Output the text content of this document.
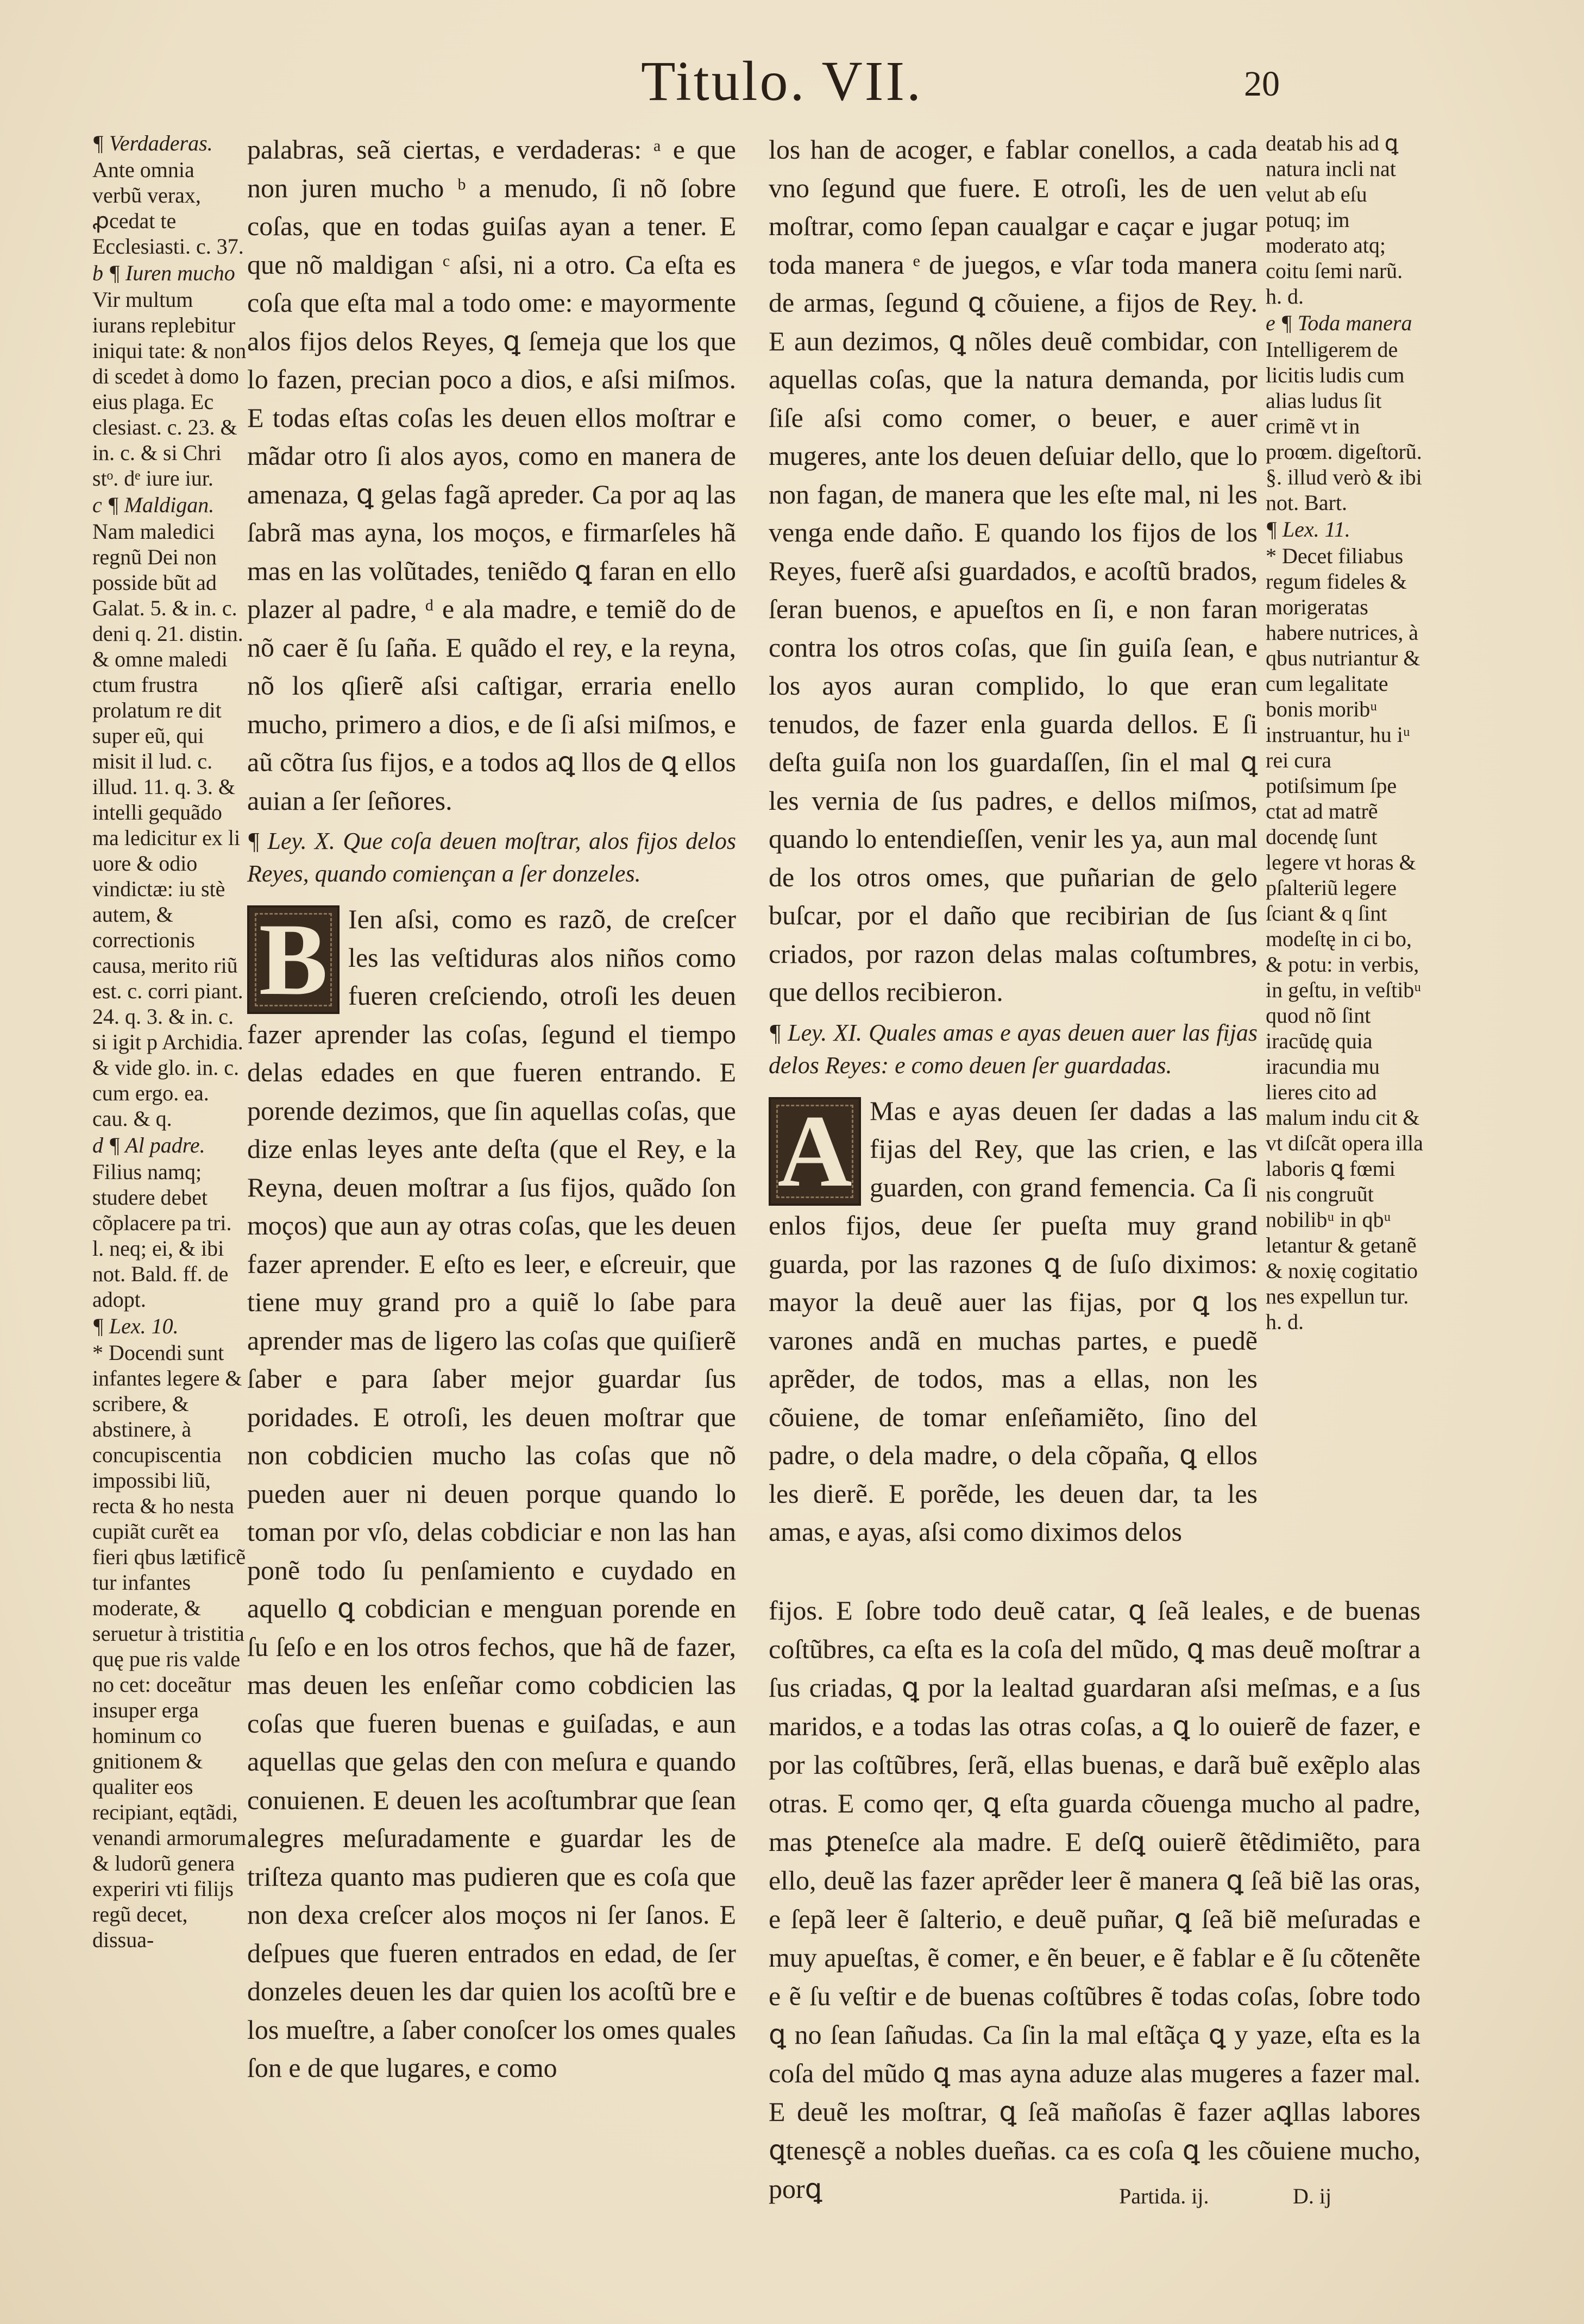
Titulo. VII.	20

¶ Verdaderas.

Ante omnia verbũ verax, ꝓcedat te Ecclesiasti. c. 37.

b ¶ Iuren mucho

Vir multum iurans replebitur iniqui tate: & non di scedet à domo eius plaga. Ec clesiast. c. 23. & in. c. & si Chri stᵒ. dᵉ iure iur.

c ¶ Maldigan.

Nam maledici regnũ Dei non posside bũt ad Galat. 5. & in. c. deni q. 21. distin. & omne maledi ctum frustra prolatum re dit super eũ, qui misit il lud. c. illud. 11. q. 3. & intelli gequãdo ma ledicitur ex li uore & odio vindictæ: iu stè autem, & correctionis causa, merito riũ est. c. corri piant. 24. q. 3. & in. c. si igit p Archidia. & vide glo. in. c. cum ergo. ea. cau. & q.

d ¶ Al padre.

Filius namq; studere debet cõplacere pa tri. l. neq; ei, & ibi not. Bald. ff. de adopt.

¶ Lex. 10.

* Docendi sunt infantes legere & scribere, & abstinere, à concupiscentia impossibi liũ, recta & ho nesta cupiãt curẽt ea fieri qbus lætificẽ tur infantes moderate, & seruetur à tristitia quę pue ris valde no cet: doceãtur insuper erga hominum co gnitionem & qualiter eos recipiant, eqtãdi, venandi armorum & ludorũ genera experiri vti filijs regũ decet, dissua-

palabras, seã ciertas, e verdaderas: ᵃ e que non juren mucho ᵇ a menudo, ſi nõ ſobre coſas, que en todas guiſas ayan a tener. E que nõ maldigan ᶜ aſsi, ni a otro. Ca eſta es coſa que eſta mal a todo ome: e mayormente alos fijos delos Reyes, ꝗ ſemeja que los que lo fazen, precian poco a dios, e aſsi miſmos. E todas eſtas coſas les deuen ellos moſtrar e mãdar otro ſi alos ayos, como en manera de amenaza, ꝗ gelas fagã apreder. Ca por aq las ſabrã mas ayna, los moços, e firmarſeles hã mas en las volũtades, teniẽdo ꝗ faran en ello plazer al padre, ᵈ e ala madre, e temiẽ do de nõ caer ẽ ſu ſaña. E quãdo el rey, e la reyna, nõ los qſierẽ aſsi caſtigar, erraria enello mucho, primero a dios, e de ſi aſsi miſmos, e aũ cõtra ſus fijos, e a todos aꝗ llos de ꝗ ellos auian a ſer ſeñores.

¶ Ley. X. Que coſa deuen moſtrar, alos fijos delos Reyes, quando comiençan a ſer donzeles.

B Ien aſsi, como es razõ, de creſcer les las veſtiduras alos niños como fueren creſciendo, otroſi les deuen fazer aprender las coſas, ſegund el tiempo delas edades en que fueren entrando. E porende dezimos, que ſin aquellas coſas, que dize enlas leyes ante deſta (que el Rey, e la Reyna, deuen moſtrar a ſus fijos, quãdo ſon moços) que aun ay otras coſas, que les deuen fazer aprender. E eſto es leer, e eſcreuir, que tiene muy grand pro a quiẽ lo ſabe para aprender mas de ligero las coſas que quiſierẽ ſaber e para ſaber mejor guardar ſus poridades. E otroſi, les deuen moſtrar que non cobdicien mucho las coſas que nõ pueden auer ni deuen porque quando lo toman por vſo, delas cobdiciar e non las han ponẽ todo ſu penſamiento e cuydado en aquello ꝗ cobdician e menguan porende en ſu ſeſo e en los otros fechos, que hã de fazer, mas deuen les enſeñar como cobdicien las coſas que fueren buenas e guiſadas, e aun aquellas que gelas den con meſura e quando conuienen. E deuen les acoſtumbrar que ſean alegres meſuradamente e guardar les de triſteza quanto mas pudieren que es coſa que non dexa creſcer alos moços ni ſer ſanos. E deſpues que fueren entrados en edad, de ſer donzeles deuen les dar quien los acoſtũ bre e los mueſtre, a ſaber conoſcer los omes quales ſon e de que lugares, e como

los han de acoger, e fablar conellos, a cada vno ſegund que fuere. E otroſi, les de uen moſtrar, como ſepan caualgar e caçar e jugar toda manera ᵉ de juegos, e vſar toda manera de armas, ſegund ꝗ cõuiene, a fijos de Rey. E aun dezimos, ꝗ nõles deuẽ combidar, con aquellas coſas, que la natura demanda, por ſiſe aſsi como comer, o beuer, e auer mugeres, ante los deuen deſuiar dello, que lo non fagan, de manera que les eſte mal, ni les venga ende daño. E quando los fijos de los Reyes, fuerẽ aſsi guardados, e acoſtũ brados, ſeran buenos, e apueſtos en ſi, e non faran contra los otros coſas, que ſin guiſa ſean, e los ayos auran complido, lo que eran tenudos, de fazer enla guarda dellos. E ſi deſta guiſa non los guardaſſen, ſin el mal ꝗ les vernia de ſus padres, e dellos miſmos, quando lo entendieſſen, venir les ya, aun mal de los otros omes, que puñarian de gelo buſcar, por el daño que recibirian de ſus criados, por razon delas malas coſtumbres, que dellos recibieron.

¶ Ley. XI. Quales amas e ayas deuen auer las fijas delos Reyes: e como deuen ſer guardadas.

A Mas e ayas deuen ſer dadas a las fijas del Rey, que las crien, e las guarden, con grand femencia. Ca ſi enlos fijos, deue ſer pueſta muy grand guarda, por las razones ꝗ de ſuſo diximos: mayor la deuẽ auer las fijas, por ꝗ los varones andã en muchas partes, e puedẽ aprẽder, de todos, mas a ellas, non les cõuiene, de tomar enſeñamiẽto, ſino del padre, o dela madre, o dela cõpaña, ꝗ ellos les dierẽ. E porẽde, les deuen dar, ta les amas, e ayas, aſsi como diximos delos

deatab his ad ꝗ natura incli nat velut ab eſu potuq; im moderato atq; coitu ſemi narũ. h. d.

e ¶ Toda manera

Intelligerem de licitis ludis cum alias ludus ſit crimẽ vt in proœm. digeſtorũ. §. illud verò & ibi not. Bart.

¶ Lex. 11.

* Decet filiabus regum fideles & morigeratas habere nutrices, à qbus nutriantur & cum legalitate bonis moribᵘ instruantur, hu iᵘ rei cura potiſsimum ſpe ctat ad matrẽ docendę ſunt legere vt horas & pſalteriũ legere ſciant & q ſint modeſtę in ci bo, & potu: in verbis, in geſtu, in veſtibᵘ quod nõ ſint iracũdę quia iracundia mu lieres cito ad malum indu cit & vt diſcãt opera illa laboris ꝗ fœmi nis congruũt nobilibᵘ in qbᵘ letantur & getanẽ & noxię cogitatio nes expellun tur. h. d.

fijos. E ſobre todo deuẽ catar, ꝗ ſeã leales, e de buenas coſtũbres, ca eſta es la coſa del mũdo, ꝗ mas deuẽ moſtrar a ſus criadas, ꝗ por la lealtad guardaran aſsi meſmas, e a ſus maridos, e a todas las otras coſas, a ꝗ lo ouierẽ de fazer, e por las coſtũbres, ſerã, ellas buenas, e darã buẽ exẽplo alas otras. E como qer, ꝗ eſta guarda cõuenga mucho al padre, mas ꝑteneſce ala madre. E deſꝗ ouierẽ ẽtẽdimiẽto, para ello, deuẽ las fazer aprẽder leer ẽ manera ꝗ ſeã biẽ las oras, e ſepã leer ẽ ſalterio, e deuẽ puñar, ꝗ ſeã biẽ meſuradas e muy apueſtas, ẽ comer, e ẽn beuer, e ẽ fablar e ẽ ſu cõtenẽte e ẽ ſu veſtir e de buenas coſtũbres ẽ todas coſas, ſobre todo ꝗ no ſean ſañudas. Ca ſin la mal eſtãça ꝗ y yaze, eſta es la coſa del mũdo ꝗ mas ayna aduze alas mugeres a fazer mal. E deuẽ les moſtrar, ꝗ ſeã mañoſas ẽ fazer aꝗllas labores ꝗtenesçẽ a nobles dueñas. ca es coſa ꝗ les cõuiene mucho, porꝗ	Partida. ij.	D. ij
